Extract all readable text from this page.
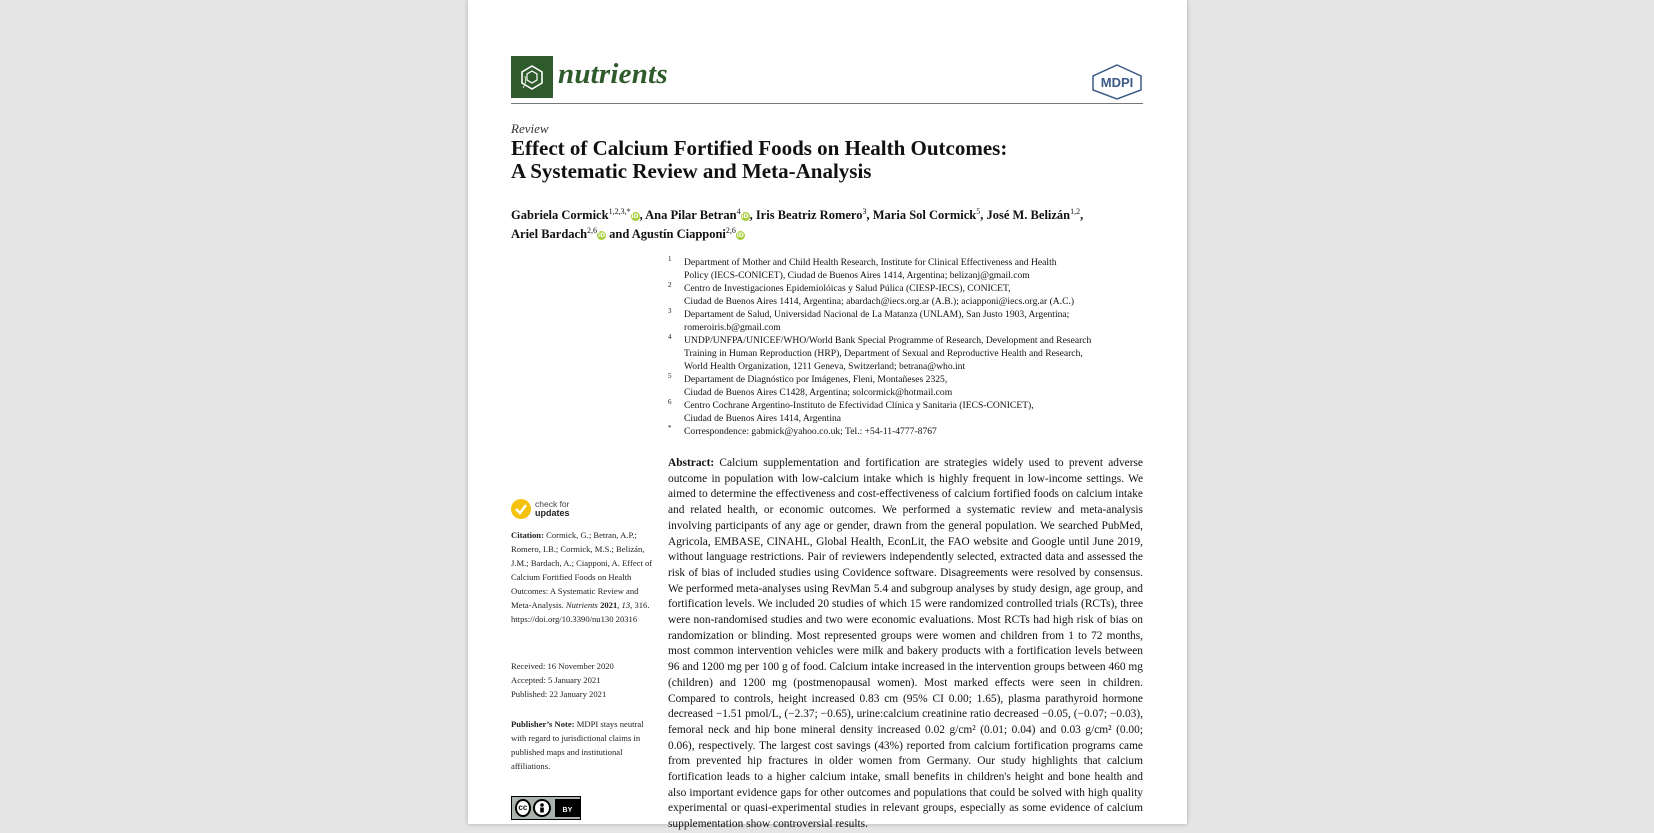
nutrients	MDPI
Review
Effect of Calcium Fortified Foods on Health Outcomes:
A Systematic Review and Meta-Analysis
Gabriela Cormick$^{1,2,3,*}$iD, Ana Pilar Betran$^4$iD, Iris Beatriz Romero$^3$, Maria Sol Cormick$^5$, José M. Belizán$^{1,2}$,
Ariel Bardach$^{2,6}$iD and Agustín Ciapponi$^{2,6}$iD
1 Department of Mother and Child Health Research, Institute for Clinical Effectiveness and Health
Policy (IECS-CONICET), Ciudad de Buenos Aires 1414, Argentina; belizanj@gmail.com
2 Centro de Investigaciones Epidemiolóicas y Salud Púlica (CIESP-IECS), CONICET,
Ciudad de Buenos Aires 1414, Argentina; abardach@iecs.org.ar (A.B.); aciapponi@iecs.org.ar (A.C.)
3 Departament de Salud, Universidad Nacional de La Matanza (UNLAM), San Justo 1903, Argentina;
romeroiris.b@gmail.com
4 UNDP/UNFPA/UNICEF/WHO/World Bank Special Programme of Research, Development and Research
Training in Human Reproduction (HRP), Department of Sexual and Reproductive Health and Research,
World Health Organization, 1211 Geneva, Switzerland; betrana@who.int
5 Departament de Diagnóstico por Imágenes, Fleni, Montañeses 2325,
Ciudad de Buenos Aires C1428, Argentina; solcormick@hotmail.com
6 Centro Cochrane Argentino-Instituto de Efectividad Clínica y Sanitaria (IECS-CONICET),
Ciudad de Buenos Aires 1414, Argentina
* Correspondence: gabmick@yahoo.co.uk; Tel.: +54-11-4777-8767
Abstract: Calcium supplementation and fortification are strategies widely used to prevent adverse outcome in population with low-calcium intake which is highly frequent in low-income settings. We aimed to determine the effectiveness and cost-effectiveness of calcium fortified foods on calcium intake and related health, or economic outcomes. We performed a systematic review and meta-analysis involving participants of any age or gender, drawn from the general population. We searched PubMed, Agricola, EMBASE, CINAHL, Global Health, EconLit, the FAO website and Google until June 2019, without language restrictions. Pair of reviewers independently selected, extracted data and assessed the risk of bias of included studies using Covidence software. Disagreements were resolved by consensus. We performed meta-analyses using RevMan 5.4 and subgroup analyses by study design, age group, and fortification levels. We included 20 studies of which 15 were randomized controlled trials (RCTs), three were non-randomised studies and two were economic evaluations. Most RCTs had high risk of bias on randomization or blinding. Most represented groups were women and children from 1 to 72 months, most common intervention vehicles were milk and bakery products with a fortification levels between 96 and 1200 mg per 100 g of food. Calcium intake increased in the intervention groups between 460 mg (children) and 1200 mg (postmenopausal women). Most marked effects were seen in children. Compared to controls, height increased 0.83 cm (95% CI 0.00; 1.65), plasma parathyroid hormone decreased −1.51 pmol/L, (−2.37; −0.65), urine:calcium creatinine ratio decreased −0.05, (−0.07; −0.03), femoral neck and hip bone mineral density increased 0.02 g/cm² (0.01; 0.04) and 0.03 g/cm² (0.00; 0.06), respectively. The largest cost savings (43%) reported from calcium fortification programs came from prevented hip fractures in older women from Germany. Our study highlights that calcium fortification leads to a higher calcium intake, small benefits in children's height and bone health and also important evidence gaps for other outcomes and populations that could be solved with high quality experimental or quasi-experimental studies in relevant groups, especially as some evidence of calcium supplementation show controversial results.
check for
updates
Citation: Cormick, G.; Betran, A.P.; Romero, I.B.; Cormick, M.S.; Belizán, J.M.; Bardach, A.; Ciapponi, A. Effect of Calcium Fortified Foods on Health Outcomes: A Systematic Review and Meta-Analysis. Nutrients 2021, 13, 316. https://doi.org/10.3390/nu130 20316
Received: 16 November 2020
Accepted: 5 January 2021
Published: 22 January 2021
Publisher’s Note: MDPI stays neutral with regard to jurisdictional claims in published maps and institutional affiliations.
cc	BY
